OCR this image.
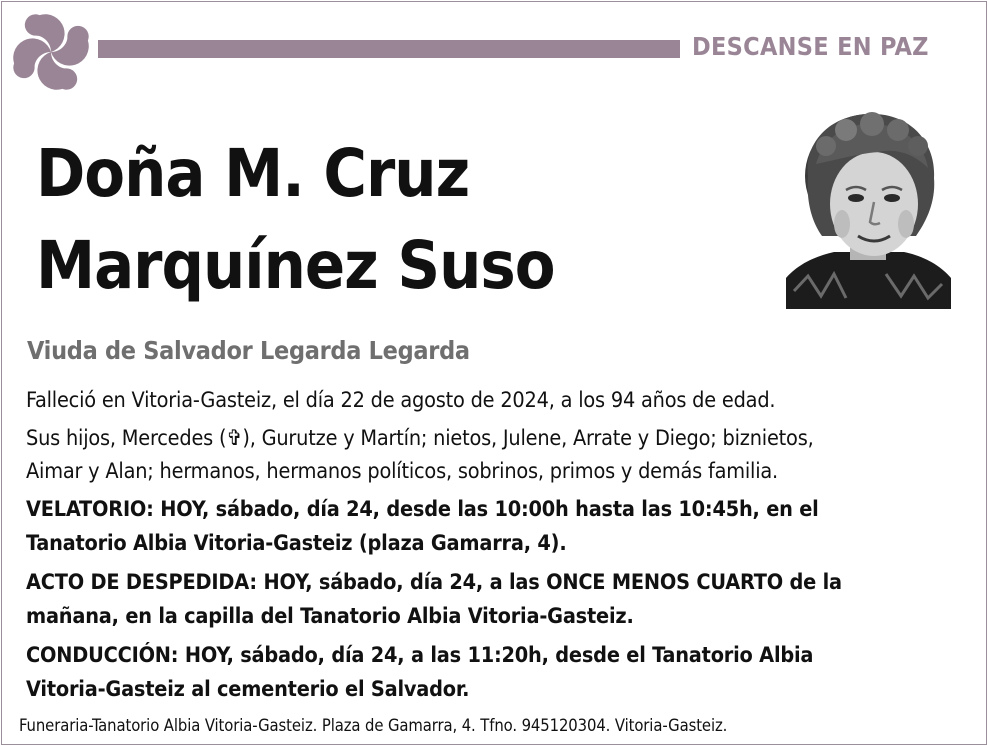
DESCANSE EN PAZ
Doña M. Cruz
Marquínez Suso
Viuda de Salvador Legarda Legarda

Falleció en Vitoria-Gasteiz, el día 22 de agosto de 2024, a los 94 años de edad.

Sus hijos, Mercedes (✞), Gurutze y Martín; nietos, Julene, Arrate y Diego; biznietos,
Aimar y Alan; hermanos, hermanos políticos, sobrinos, primos y demás familia.

VELATORIO: HOY, sábado, día 24, desde las 10:00h hasta las 10:45h, en el
Tanatorio Albia Vitoria-Gasteiz (plaza Gamarra, 4).

ACTO DE DESPEDIDA: HOY, sábado, día 24, a las ONCE MENOS CUARTO de la
mañana, en la capilla del Tanatorio Albia Vitoria-Gasteiz.

CONDUCCIÓN: HOY, sábado, día 24, a las 11:20h, desde el Tanatorio Albia
Vitoria-Gasteiz al cementerio el Salvador.

Funeraria-Tanatorio Albia Vitoria-Gasteiz. Plaza de Gamarra, 4. Tfno. 945120304. Vitoria-Gasteiz.
